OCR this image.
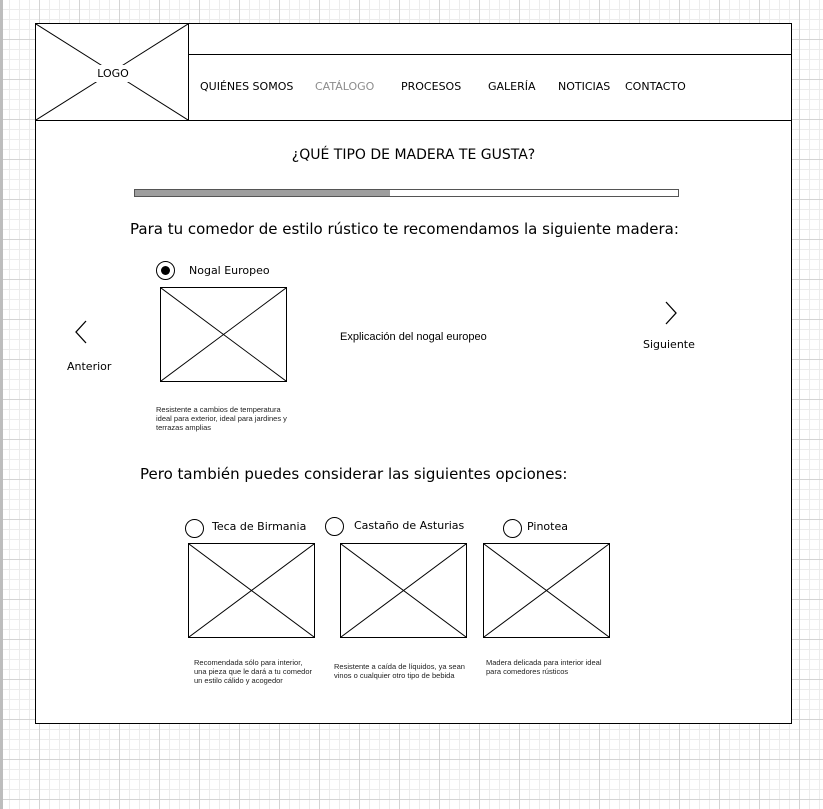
LOGO
QUIÉNES SOMOS CATÁLOGO PROCESOS GALERÍA NOTICIAS CONTACTO
¿QUÉ TIPO DE MADERA TE GUSTA?
Para tu comedor de estilo rústico te recomendamos la siguiente madera:
Nogal Europeo
Explicación del nogal europeo
Resistente a cambios de temperatura ideal para exterior, ideal para jardines y terrazas amplias
Anterior
Siguiente
Pero también puedes considerar las siguientes opciones:
Teca de Birmania
Recomendada sólo para interior, una pieza que le dará a tu comedor un estilo cálido y acogedor
Castaño de Asturias
Resistente a caída de líquidos, ya sean vinos o cualquier otro tipo de bebida
Pinotea
Madera delicada para interior ideal para comedores rústicos
